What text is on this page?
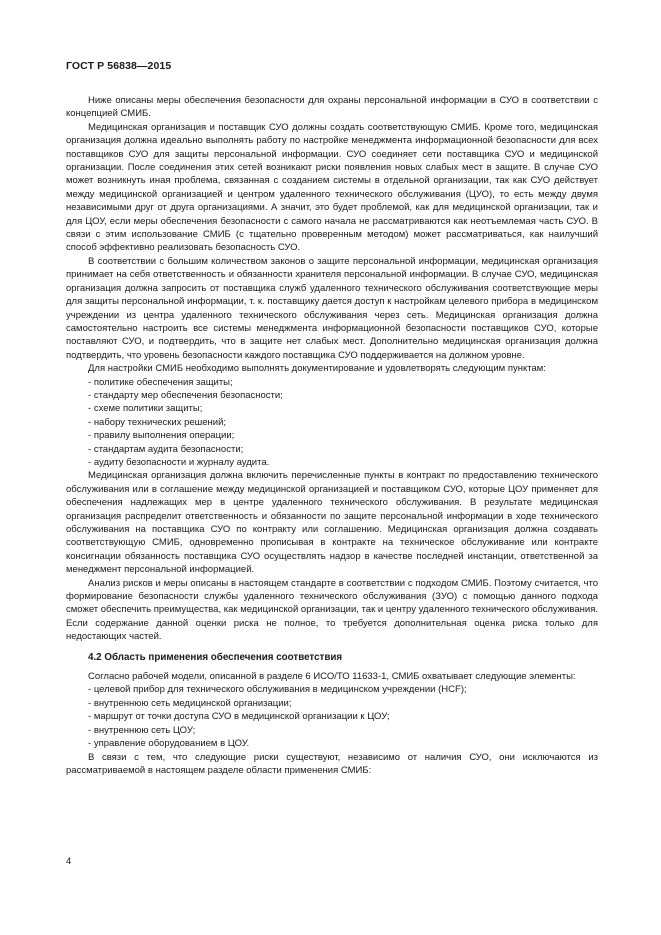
ГОСТ Р 56838—2015

Ниже описаны меры обеспечения безопасности для охраны персональной информации в СУО в соответствии с концепцией СМИБ.

Медицинская организация и поставщик СУО должны создать соответствующую СМИБ. Кроме того, медицинская организация должна идеально выполнять работу по настройке менеджмента информационной безопасности для всех поставщиков СУО для защиты персональной информации. СУО соединяет сети поставщика СУО и медицинской организации. После соединения этих сетей возникают риски появления новых слабых мест в защите. В случае СУО может возникнуть иная проблема, связанная с созданием системы в отдельной организации, так как СУО действует между медицинской организацией и центром удаленного технического обслуживания (ЦУО), то есть между двумя независимыми друг от друга организациями. А значит, это будет проблемой, как для медицинской организации, так и для ЦОУ, если меры обеспечения безопасности с самого начала не рассматриваются как неотъемлемая часть СУО. В связи с этим использование СМИБ (с тщательно проверенным методом) может рассматриваться, как наилучший способ эффективно реализовать безопасность СУО.

В соответствии с большим количеством законов о защите персональной информации, медицинская организация принимает на себя ответственность и обязанности хранителя персональной информации. В случае СУО, медицинская организация должна запросить от поставщика служб удаленного технического обслуживания соответствующие меры для защиты персональной информации, т. к. поставщику дается доступ к настройкам целевого прибора в медицинском учреждении из центра удаленного технического обслуживания через сеть. Медицинская организация должна самостоятельно настроить все системы менеджмента информационной безопасности поставщиков СУО, которые поставляют СУО, и подтвердить, что в защите нет слабых мест. Дополнительно медицинская организация должна подтвердить, что уровень безопасности каждого поставщика СУО поддерживается на должном уровне.

Для настройки СМИБ необходимо выполнять документирование и удовлетворять следующим пунктам:

- политике обеспечения защиты;
- стандарту мер обеспечения безопасности;
- схеме политики защиты;
- набору технических решений;
- правилу выполнения операции;
- стандартам аудита безопасности;
- аудиту безопасности и журналу аудита.

Медицинская организация должна включить перечисленные пункты в контракт по предоставлению технического обслуживания или в соглашение между медицинской организацией и поставщиком СУО, которые ЦОУ применяет для обеспечения надлежащих мер в центре удаленного технического обслуживания. В результате медицинская организация распределит ответственность и обязанности по защите персональной информации в ходе технического обслуживания на поставщика СУО по контракту или соглашению. Медицинская организация должна создавать соответствующую СМИБ, одновременно прописывая в контракте на техническое обслуживание или контракте консигнации обязанность поставщика СУО осуществлять надзор в качестве последней инстанции, ответственной за менеджмент персональной информацией.

Анализ рисков и меры описаны в настоящем стандарте в соответствии с подходом СМИБ. Поэтому считается, что формирование безопасности службы удаленного технического обслуживания (ЗУО) с помощью данного подхода сможет обеспечить преимущества, как медицинской организации, так и центру удаленного технического обслуживания. Если содержание данной оценки риска не полное, то требуется дополнительная оценка риска только для недостающих частей.

4.2 Область применения обеспечения соответствия

Согласно рабочей модели, описанной в разделе 6 ИСО/ТО 11633-1, СМИБ охватывает следующие элементы:

- целевой прибор для технического обслуживания в медицинском учреждении (HCF);
- внутреннюю сеть медицинской организации;
- маршрут от точки доступа СУО в медицинской организации к ЦОУ;
- внутреннюю сеть ЦОУ;
- управление оборудованием в ЦОУ.

В связи с тем, что следующие риски существуют, независимо от наличия СУО, они исключаются из рассматриваемой в настоящем разделе области применения СМИБ:

4
